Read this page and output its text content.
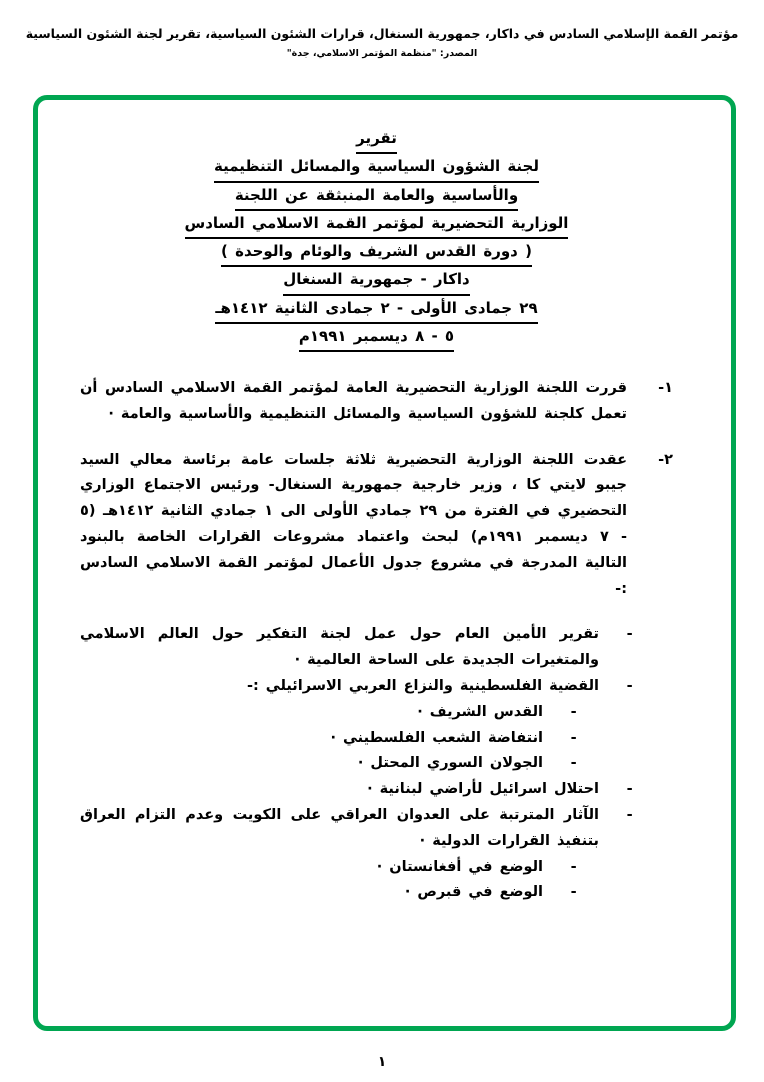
مؤتمر القمة الإسلامي السادس في داكار، جمهورية السنغال، قرارات الشئون السياسية، تقرير لجنة الشئون السياسية
المصدر: "منظمة المؤتمر الاسلامي، جدة"
تقرير
لجنة الشؤون السياسية والمسائل التنظيمية
والأساسية والعامة المنبثقة عن اللجنة
الوزارية التحضيرية لمؤتمر القمة الاسلامي السادس
( دورة القدس الشريف والوئام والوحدة )
داكار - جمهورية السنغال
٢٩ جمادى الأولى - ٢ جمادى الثانية ١٤١٢هـ
٥ - ٨ ديسمبر ١٩٩١م
١-
قررت اللجنة الوزارية التحضيرية العامة لمؤتمر القمة الاسلامي السادس أن تعمل كلجنة للشؤون السياسية والمسائل التنظيمية والأساسية والعامة ·
٢-
عقدت اللجنة الوزارية التحضيرية ثلاثة جلسات عامة برئاسة معالي السيد جيبو لايتي كا ، وزير خارجية جمهورية السنغال- ورئيس الاجتماع الوزاري التحضيري في الفترة من ٢٩ جمادي الأولى الى ١ جمادي الثانية ١٤١٢هـ (٥ - ٧ ديسمبر ١٩٩١م) لبحث واعتماد مشروعات القرارات الخاصة بالبنود التالية المدرجة في مشروع جدول الأعمال لمؤتمر القمة الاسلامي السادس :-
-
تقرير الأمين العام حول عمل لجنة التفكير حول العالم الاسلامي والمتغيرات الجديدة على الساحة العالمية ·
-
القضية الفلسطينية والنزاع العربي الاسرائيلي :-
-
القدس الشريف ·
-
انتفاضة الشعب الفلسطيني ·
-
الجولان السوري المحتل ·
-
احتلال اسرائيل لأراضي لبنانية ·
-
الآثار المترتبة على العدوان العراقي على الكويت وعدم التزام العراق بتنفيذ القرارات الدولية ·
-
الوضع في أفغانستان ·
-
الوضع في قبرص ·
١
